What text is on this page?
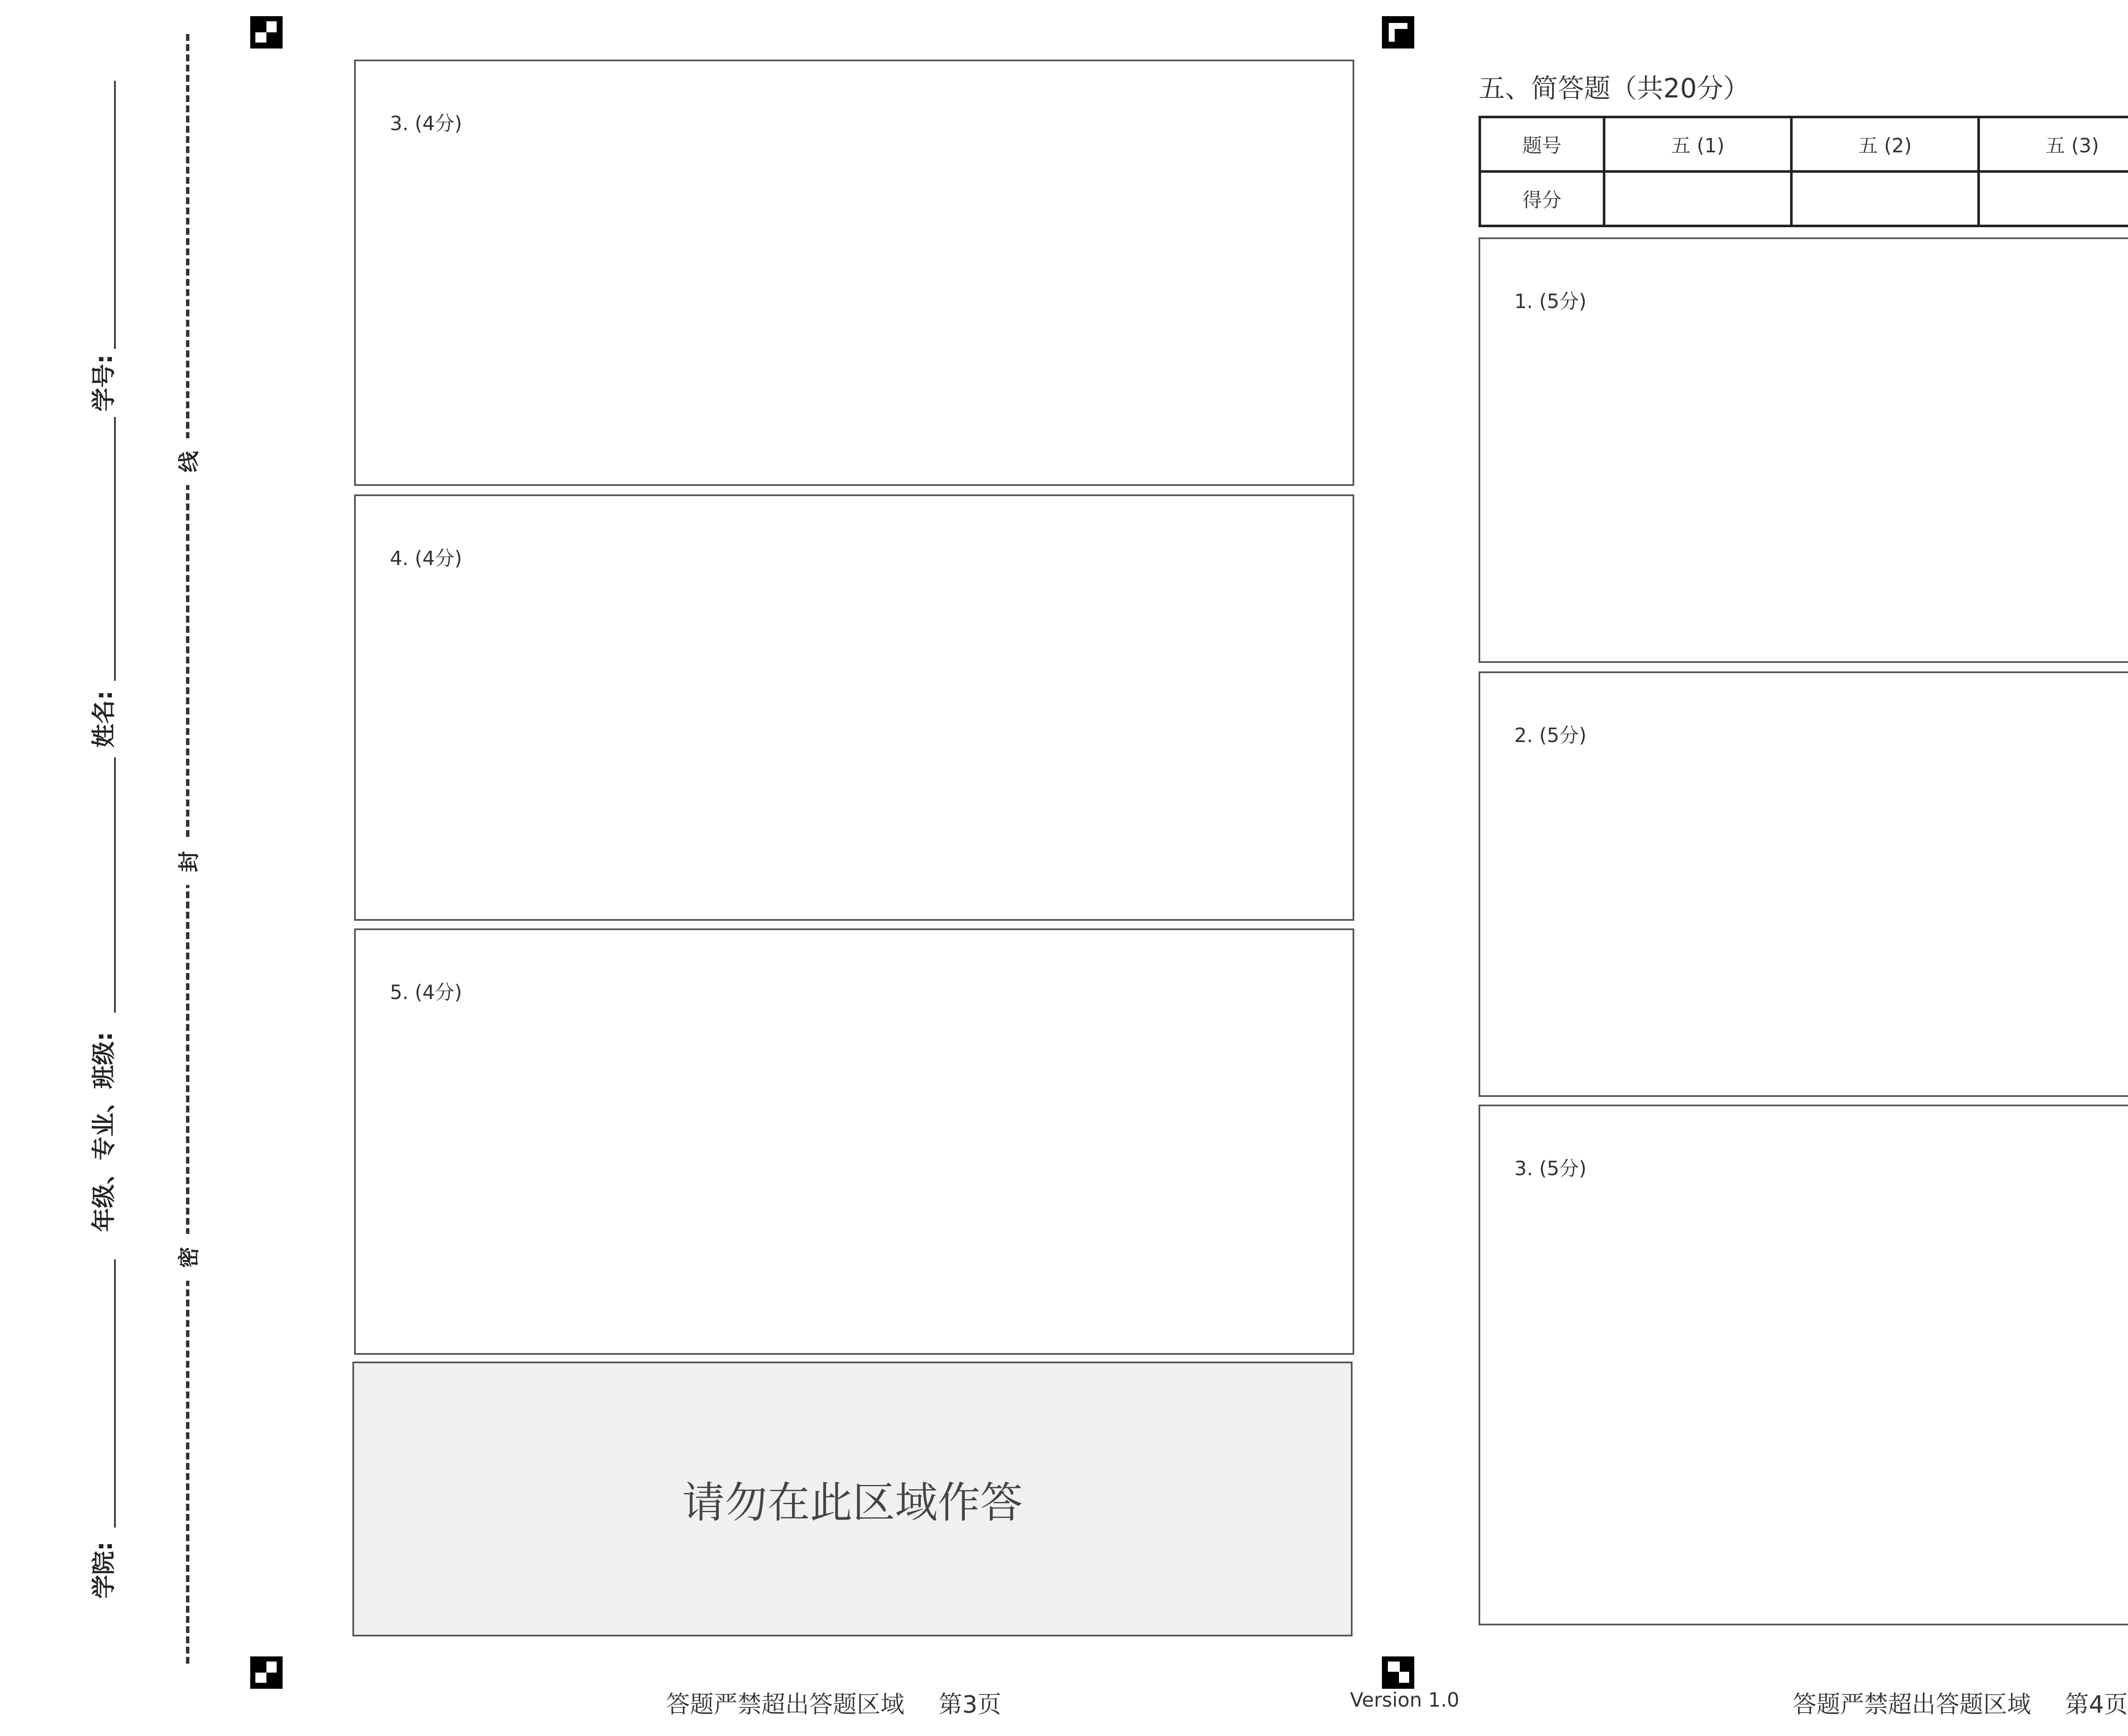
学号:
姓名:
年级、专业、班级:
学院:
线
封
密
3. (4分)
4. (4分)
5. (4分)
请勿在此区域作答
答题严禁超出答题区域 第3页	Version 1.0
五、简答题（共20分）
题号	五 (1)	五 (2)	五 (3)		
得分					
1. (5分)
2. (5分)
3. (5分)
答题严禁超出答题区域 第4页
